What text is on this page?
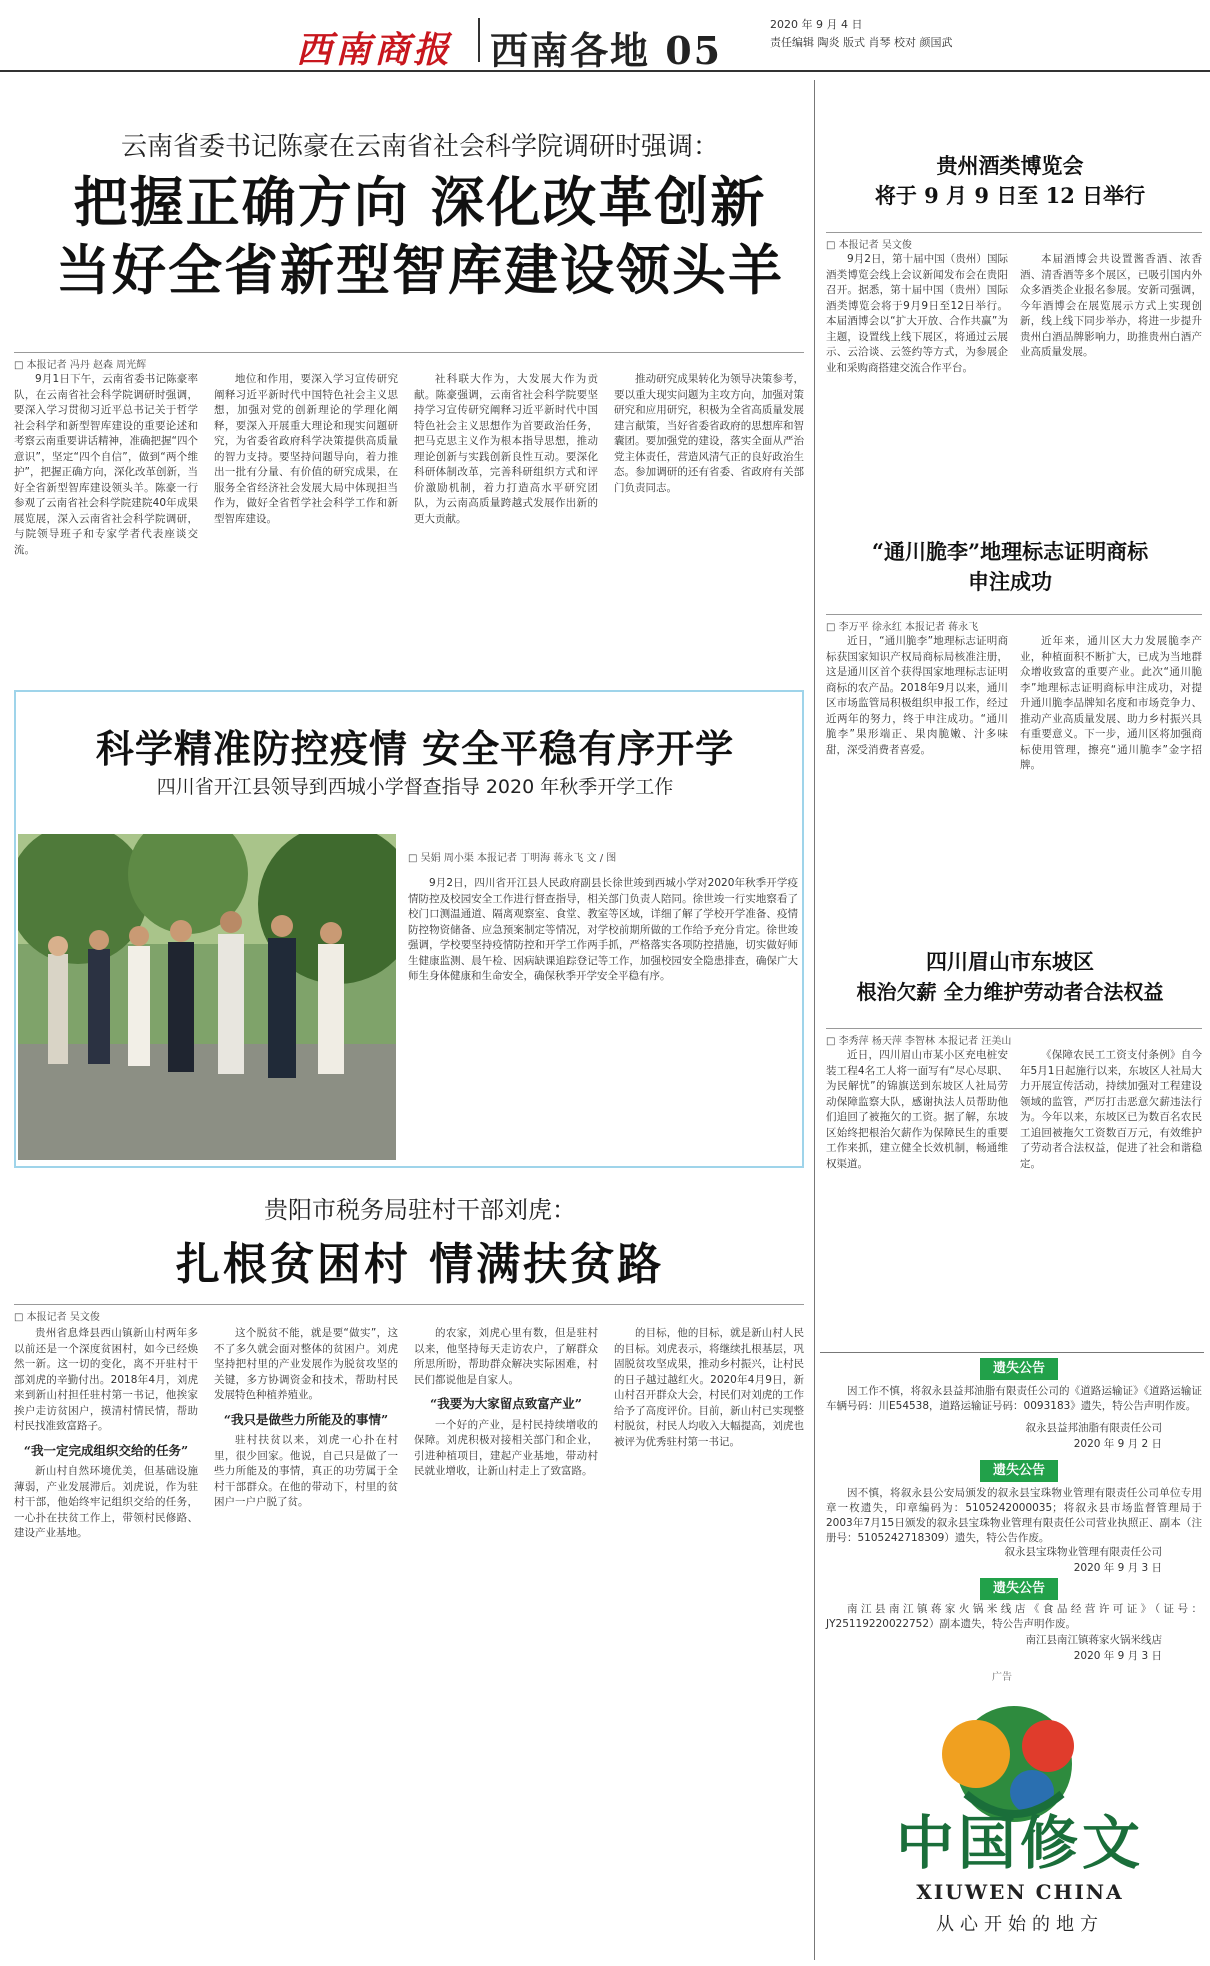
西南商报 西南各地 05
2020 年 9 月 4 日
责任编辑 陶炎 版式 肖琴 校对 颜国武
云南省委书记陈豪在云南省社会科学院调研时强调：
把握正确方向 深化改革创新
当好全省新型智库建设领头羊
□ 本报记者 冯丹 赵森 周光辉

9月1日下午，云南省委书记陈豪率队，在云南省社会科学院调研时强调，要深入学习贯彻习近平总书记关于哲学社会科学和新型智库建设的重要论述和考察云南重要讲话精神，准确把握“四个意识”，坚定“四个自信”，做到“两个维护”，把握正确方向，深化改革创新，当好全省新型智库建设领头羊。陈豪一行参观了云南省社会科学院建院40年成果展览展，深入云南省社会科学院调研，与院领导班子和专家学者代表座谈交流。

地位和作用，要深入学习宣传研究阐释习近平新时代中国特色社会主义思想，加强对党的创新理论的学理化阐释，要深入开展重大理论和现实问题研究，为省委省政府科学决策提供高质量的智力支持。要坚持问题导向，着力推出一批有分量、有价值的研究成果，在服务全省经济社会发展大局中体现担当作为，做好全省哲学社会科学工作和新型智库建设。

社科联大作为，大发展大作为贡献。陈豪强调，云南省社会科学院要坚持学习宣传研究阐释习近平新时代中国特色社会主义思想作为首要政治任务，把马克思主义作为根本指导思想，推动理论创新与实践创新良性互动。要深化科研体制改革，完善科研组织方式和评价激励机制，着力打造高水平研究团队，为云南高质量跨越式发展作出新的更大贡献。

推动研究成果转化为领导决策参考，要以重大现实问题为主攻方向，加强对策研究和应用研究，积极为全省高质量发展建言献策，当好省委省政府的思想库和智囊团。要加强党的建设，落实全面从严治党主体责任，营造风清气正的良好政治生态。参加调研的还有省委、省政府有关部门负责同志。

科学精准防控疫情 安全平稳有序开学
四川省开江县领导到西城小学督查指导 2020 年秋季开学工作
□ 吴娟 周小渠 本报记者 丁明海 蒋永飞 文 / 图

9月2日，四川省开江县人民政府副县长徐世竣到西城小学对2020年秋季开学疫情防控及校园安全工作进行督查指导，相关部门负责人陪同。徐世竣一行实地察看了校门口测温通道、隔离观察室、食堂、教室等区域，详细了解了学校开学准备、疫情防控物资储备、应急预案制定等情况，对学校前期所做的工作给予充分肯定。徐世竣强调，学校要坚持疫情防控和开学工作两手抓，严格落实各项防控措施，切实做好师生健康监测、晨午检、因病缺课追踪登记等工作，加强校园安全隐患排查，确保广大师生身体健康和生命安全，确保秋季开学安全平稳有序。

贵阳市税务局驻村干部刘虎：
扎根贫困村 情满扶贫路
□ 本报记者 吴文俊

贵州省息烽县西山镇新山村两年多以前还是一个深度贫困村，如今已经焕然一新。这一切的变化，离不开驻村干部刘虎的辛勤付出。2018年4月，刘虎来到新山村担任驻村第一书记，他挨家挨户走访贫困户，摸清村情民情，帮助村民找准致富路子。

“我一定完成组织交给的任务”

新山村自然环境优美，但基础设施薄弱，产业发展滞后。刘虎说，作为驻村干部，他始终牢记组织交给的任务，一心扑在扶贫工作上，带领村民修路、建设产业基地。

这个脱贫不能，就是要“做实”，这不了多久就会面对整体的贫困户。刘虎坚持把村里的产业发展作为脱贫攻坚的关键，多方协调资金和技术，帮助村民发展特色种植养殖业。

“我只是做些力所能及的事情”

驻村扶贫以来，刘虎一心扑在村里，很少回家。他说，自己只是做了一些力所能及的事情，真正的功劳属于全村干部群众。在他的带动下，村里的贫困户一户户脱了贫。

的农家，刘虎心里有数，但是驻村以来，他坚持每天走访农户，了解群众所思所盼，帮助群众解决实际困难，村民们都说他是自家人。

“我要为大家留点致富产业”

一个好的产业，是村民持续增收的保障。刘虎积极对接相关部门和企业，引进种植项目，建起产业基地，带动村民就业增收，让新山村走上了致富路。

的目标，他的目标，就是新山村人民的目标。刘虎表示，将继续扎根基层，巩固脱贫攻坚成果，推动乡村振兴，让村民的日子越过越红火。2020年4月9日，新山村召开群众大会，村民们对刘虎的工作给予了高度评价。目前，新山村已实现整村脱贫，村民人均收入大幅提高，刘虎也被评为优秀驻村第一书记。

贵州酒类博览会
将于 9 月 9 日至 12 日举行
□ 本报记者 吴文俊

9月2日，第十届中国（贵州）国际酒类博览会线上会议新闻发布会在贵阳召开。据悉，第十届中国（贵州）国际酒类博览会将于9月9日至12日举行。本届酒博会以“扩大开放、合作共赢”为主题，设置线上线下展区，将通过云展示、云洽谈、云签约等方式，为参展企业和采购商搭建交流合作平台。

本届酒博会共设置酱香酒、浓香酒、清香酒等多个展区，已吸引国内外众多酒类企业报名参展。安新司强调，今年酒博会在展览展示方式上实现创新，线上线下同步举办，将进一步提升贵州白酒品牌影响力，助推贵州白酒产业高质量发展。

“通川脆李”地理标志证明商标
申注成功
□ 李万平 徐永红 本报记者 蒋永飞

近日，“通川脆李”地理标志证明商标获国家知识产权局商标局核准注册，这是通川区首个获得国家地理标志证明商标的农产品。2018年9月以来，通川区市场监管局积极组织申报工作，经过近两年的努力，终于申注成功。“通川脆李”果形端正、果肉脆嫩、汁多味甜，深受消费者喜爱。

近年来，通川区大力发展脆李产业，种植面积不断扩大，已成为当地群众增收致富的重要产业。此次“通川脆李”地理标志证明商标申注成功，对提升通川脆李品牌知名度和市场竞争力、推动产业高质量发展、助力乡村振兴具有重要意义。下一步，通川区将加强商标使用管理，擦亮“通川脆李”金字招牌。

四川眉山市东坡区
根治欠薪 全力维护劳动者合法权益
□ 李秀萍 杨天萍 李智林 本报记者 汪美山

近日，四川眉山市某小区充电桩安装工程4名工人将一面写有“尽心尽职、为民解忧”的锦旗送到东坡区人社局劳动保障监察大队，感谢执法人员帮助他们追回了被拖欠的工资。据了解，东坡区始终把根治欠薪作为保障民生的重要工作来抓，建立健全长效机制，畅通维权渠道。

《保障农民工工资支付条例》自今年5月1日起施行以来，东坡区人社局大力开展宣传活动，持续加强对工程建设领域的监管，严厉打击恶意欠薪违法行为。今年以来，东坡区已为数百名农民工追回被拖欠工资数百万元，有效维护了劳动者合法权益，促进了社会和谐稳定。

遗失公告
因工作不慎，将叙永县益邦油脂有限责任公司的《道路运输证》《道路运输证车辆号码：川E54538，道路运输证号码：0093183》遗失，特公告声明作废。
叙永县益邦油脂有限责任公司
2020 年 9 月 2 日
遗失公告
因不慎，将叙永县公安局颁发的叙永县宝珠物业管理有限责任公司单位专用章一枚遗失，印章编码为：5105242000035；将叙永县市场监督管理局于2003年7月15日颁发的叙永县宝珠物业管理有限责任公司营业执照正、副本（注册号：5105242718309）遗失，特公告作废。
叙永县宝珠物业管理有限责任公司
2020 年 9 月 3 日
遗失公告
广告
中国修文
XIUWEN CHINA
从心开始的地方
南江县南江镇蒋家火锅米线店《食品经营许可证》（证号：JY25119220022752）副本遗失，特公告声明作废。
南江县南江镇蒋家火锅米线店
2020 年 9 月 3 日
